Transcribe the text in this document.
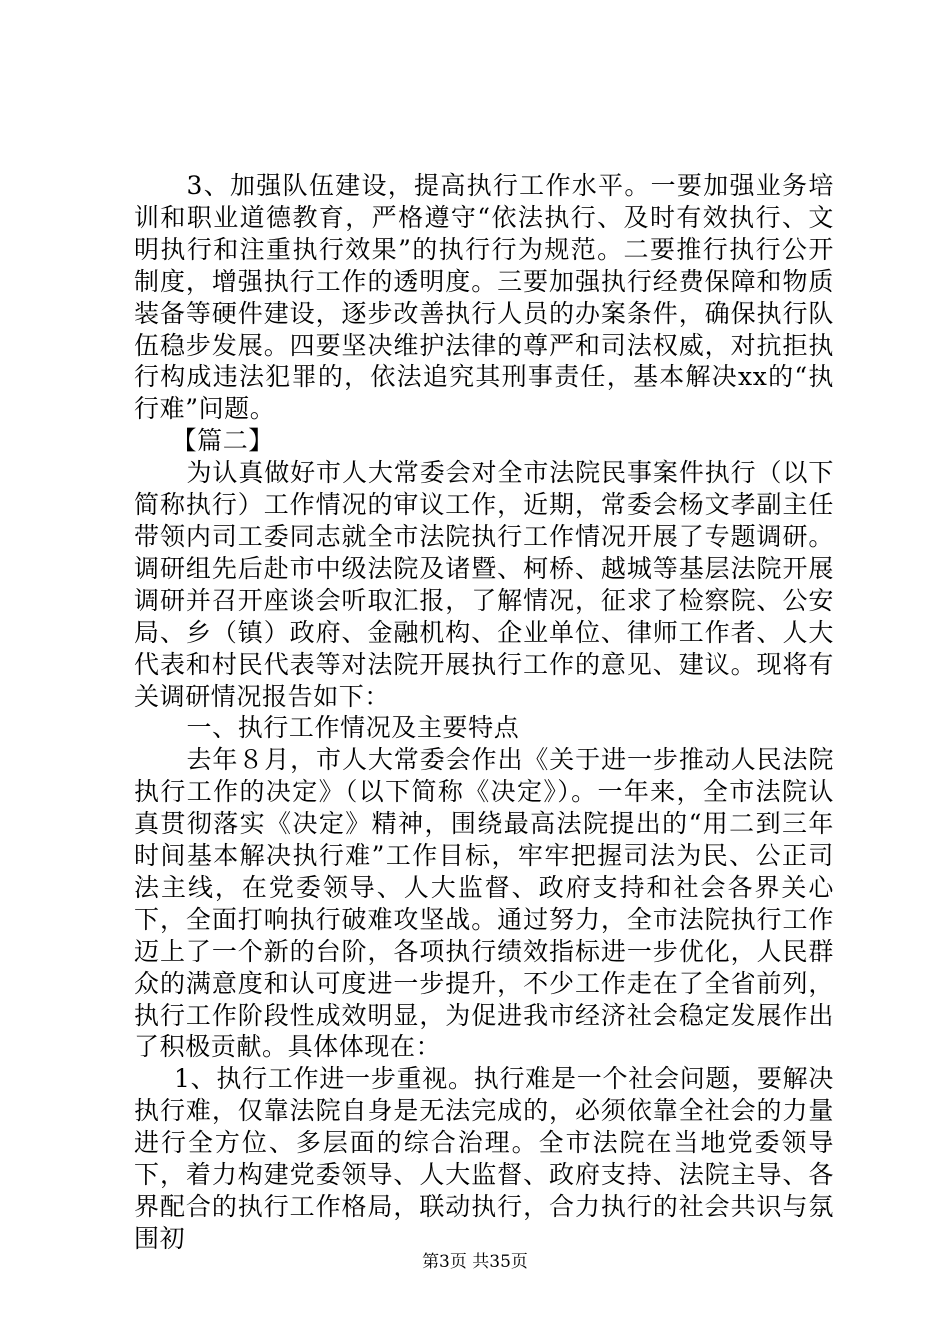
3、加强队伍建设，提高执行工作水平。一要加强业务培训和职业道德教育，严格遵守“依法执行、及时有效执行、文明执行和注重执行效果”的执行行为规范。二要推行执行公开制度，增强执行工作的透明度。三要加强执行经费保障和物质装备等硬件建设，逐步改善执行人员的办案条件，确保执行队伍稳步发展。四要坚决维护法律的尊严和司法权威，对抗拒执行构成违法犯罪的，依法追究其刑事责任，基本解决xx的“执行难”问题。

【篇二】

为认真做好市人大常委会对全市法院民事案件执行（以下简称执行）工作情况的审议工作，近期，常委会杨文孝副主任带领内司工委同志就全市法院执行工作情况开展了专题调研。调研组先后赴市中级法院及诸暨、柯桥、越城等基层法院开展调研并召开座谈会听取汇报，了解情况，征求了检察院、公安局、乡（镇）政府、金融机构、企业单位、律师工作者、人大代表和村民代表等对法院开展执行工作的意见、建议。现将有关调研情况报告如下：

一、执行工作情况及主要特点

去年８月，市人大常委会作出《关于进一步推动人民法院执行工作的决定》（以下简称《决定》）。一年来，全市法院认真贯彻落实《决定》精神，围绕最高法院提出的“用二到三年时间基本解决执行难”工作目标，牢牢把握司法为民、公正司法主线，在党委领导、人大监督、政府支持和社会各界关心下，全面打响执行破难攻坚战。通过努力，全市法院执行工作迈上了一个新的台阶，各项执行绩效指标进一步优化，人民群众的满意度和认可度进一步提升，不少工作走在了全省前列，执行工作阶段性成效明显，为促进我市经济社会稳定发展作出了积极贡献。具体体现在：

1、执行工作进一步重视。执行难是一个社会问题，要解决执行难，仅靠法院自身是无法完成的，必须依靠全社会的力量进行全方位、多层面的综合治理。全市法院在当地党委领导下，着力构建党委领导、人大监督、政府支持、法院主导、各界配合的执行工作格局，联动执行，合力执行的社会共识与氛围初

第3页 共35页
